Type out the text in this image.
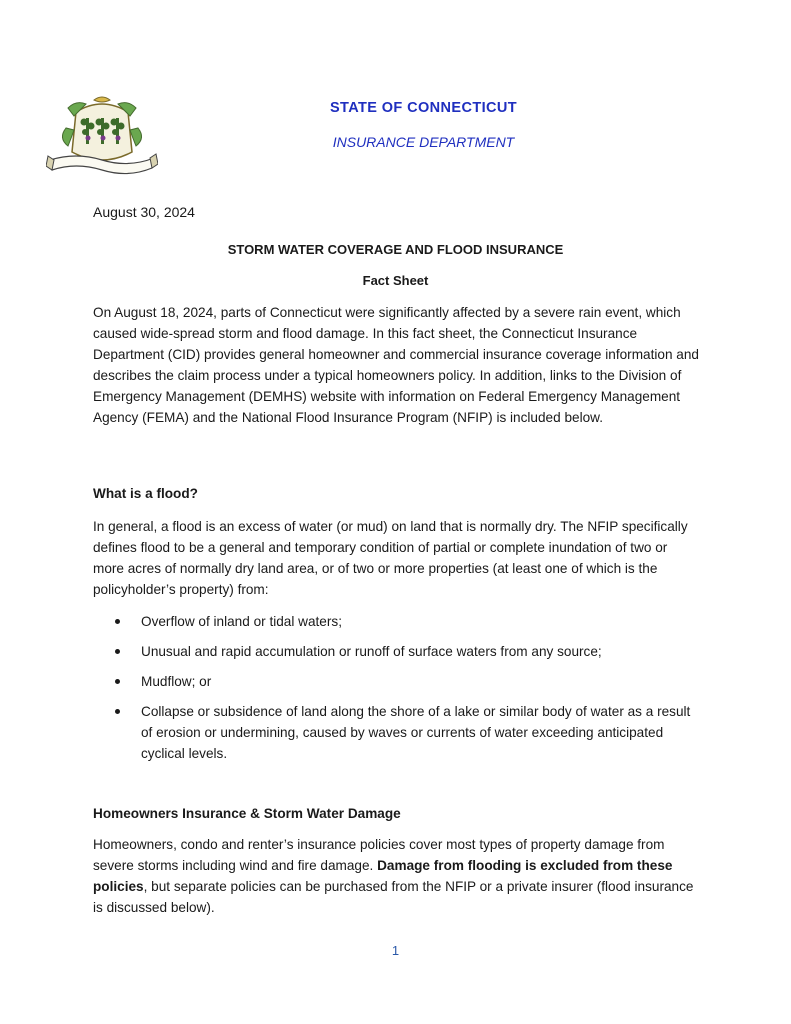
STATE OF CONNECTICUT
INSURANCE DEPARTMENT
August 30, 2024
STORM WATER COVERAGE AND FLOOD INSURANCE
Fact Sheet
On August 18, 2024, parts of Connecticut were significantly affected by a severe rain event, which caused wide-spread storm and flood damage. In this fact sheet, the Connecticut Insurance Department (CID) provides general homeowner and commercial insurance coverage information and describes the claim process under a typical homeowners policy. In addition, links to the Division of Emergency Management (DEMHS) website with information on Federal Emergency Management Agency (FEMA) and the National Flood Insurance Program (NFIP) is included below.
What is a flood?
In general, a flood is an excess of water (or mud) on land that is normally dry. The NFIP specifically defines flood to be a general and temporary condition of partial or complete inundation of two or more acres of normally dry land area, or of two or more properties (at least one of which is the policyholder’s property) from:
Overflow of inland or tidal waters;
Unusual and rapid accumulation or runoff of surface waters from any source;
Mudflow; or
Collapse or subsidence of land along the shore of a lake or similar body of water as a result of erosion or undermining, caused by waves or currents of water exceeding anticipated cyclical levels.
Homeowners Insurance & Storm Water Damage
Homeowners, condo and renter’s insurance policies cover most types of property damage from severe storms including wind and fire damage. Damage from flooding is excluded from these policies, but separate policies can be purchased from the NFIP or a private insurer (flood insurance is discussed below).
1
